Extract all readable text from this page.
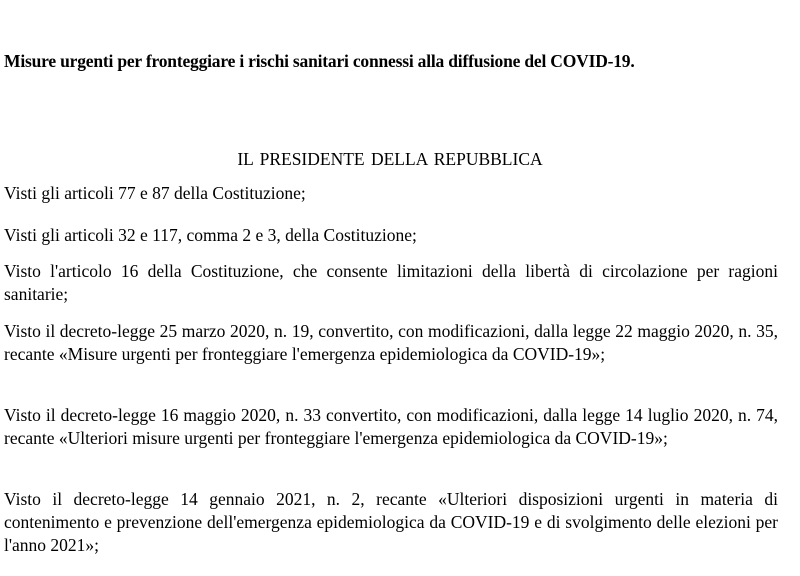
Misure urgenti per fronteggiare i rischi sanitari connessi alla diffusione del COVID-19.
IL PRESIDENTE DELLA REPUBBLICA

Visti gli articoli 77 e 87 della Costituzione;

Visti gli articoli 32 e 117, comma 2 e 3, della Costituzione;

Visto l'articolo 16 della Costituzione, che consente limitazioni della libertà di circolazione per ragioni sanitarie;

Visto il decreto-legge 25 marzo 2020, n. 19, convertito, con modificazioni, dalla legge 22 maggio 2020, n. 35, recante «Misure urgenti per fronteggiare l'emergenza epidemiologica da COVID-19»;

Visto il decreto-legge 16 maggio 2020, n. 33 convertito, con modificazioni, dalla legge 14 luglio 2020, n. 74, recante «Ulteriori misure urgenti per fronteggiare l'emergenza epidemiologica da COVID-19»;

Visto il decreto-legge 14 gennaio 2021, n. 2, recante «Ulteriori disposizioni urgenti in materia di contenimento e prevenzione dell'emergenza epidemiologica da COVID-19 e di svolgimento delle elezioni per l'anno 2021»;
